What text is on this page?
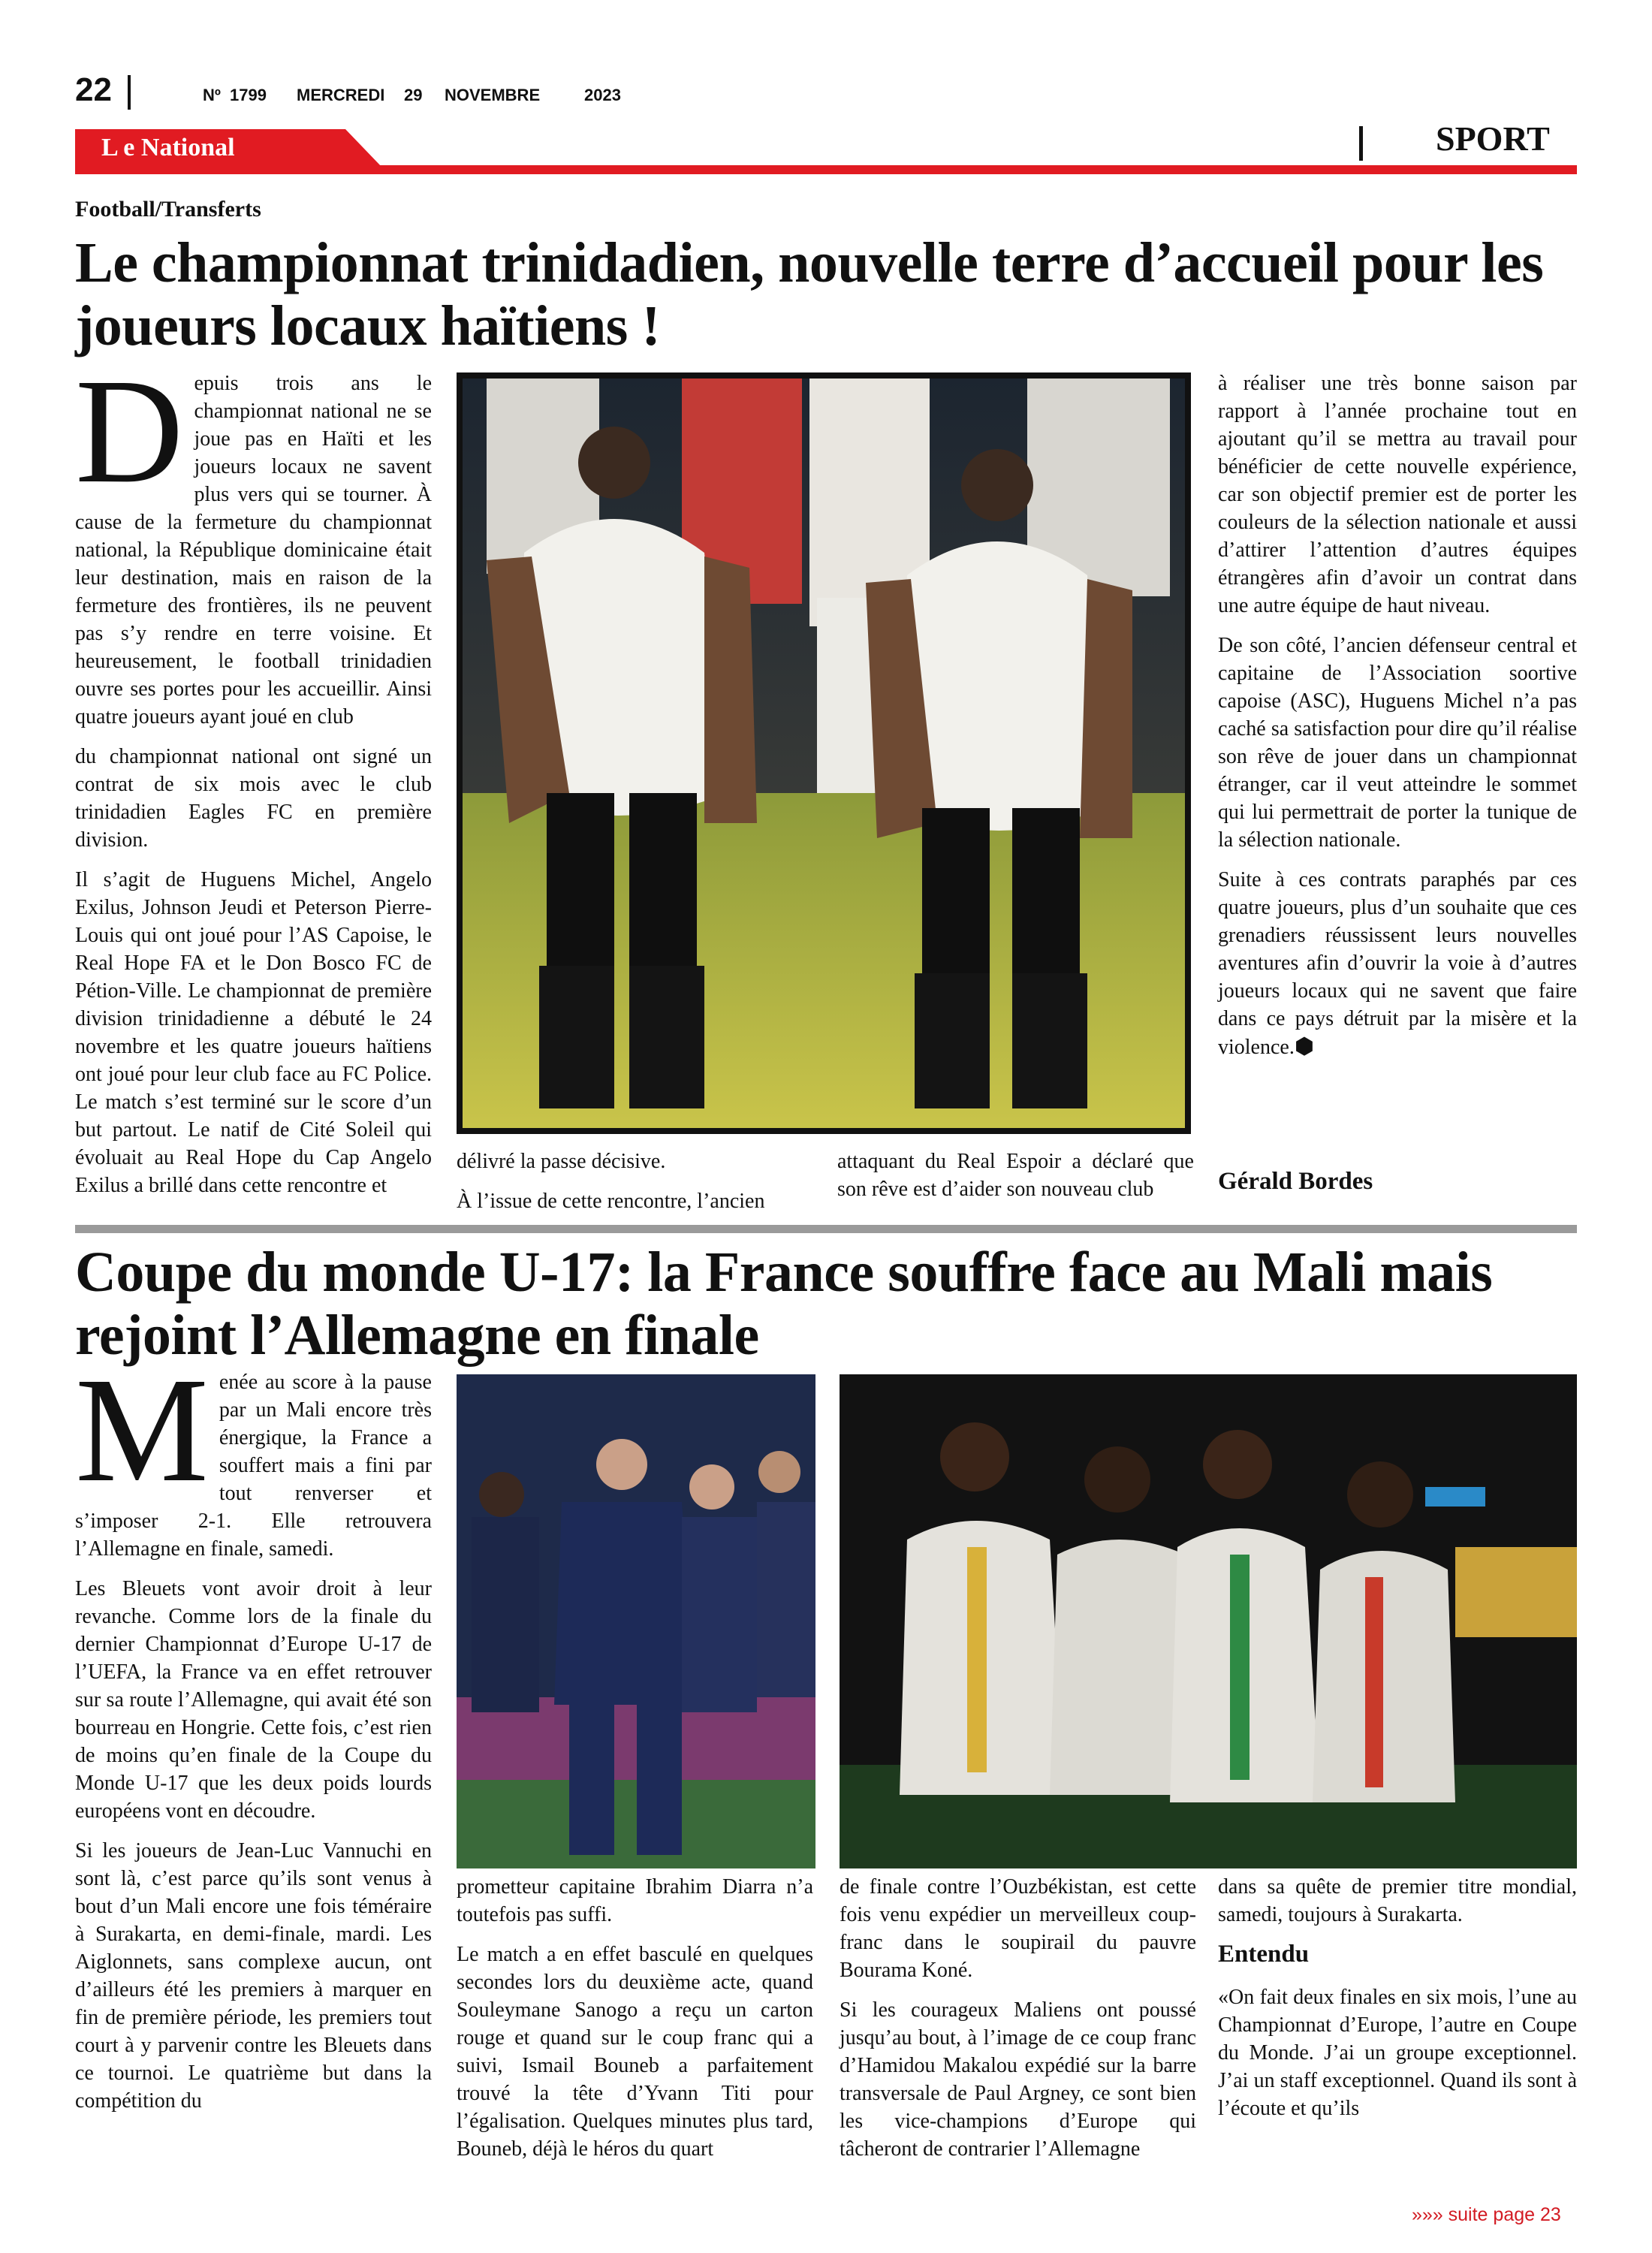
22	Nº 1799 MERCREDI 29 NOVEMBRE	2023
L e National	SPORT
Football/Transferts
Le championnat trinidadien, nouvelle terre d’accueil pour les joueurs locaux haïtiens !

Depuis trois ans le championnat national ne se joue pas en Haïti et les joueurs locaux ne savent plus vers qui se tourner. À cause de la fermeture du championnat national, la République dominicaine était leur destination, mais en raison de la fermeture des frontières, ils ne peuvent pas s’y rendre en terre voisine. Et heureusement, le football trinidadien ouvre ses portes pour les accueillir. Ainsi quatre joueurs ayant joué en club

du championnat national ont signé un contrat de six mois avec le club trinidadien Eagles FC en première division.

Il s’agit de Huguens Michel, Angelo Exilus, Johnson Jeudi et Peterson Pierre-Louis qui ont joué pour l’AS Capoise, le Real Hope FA et le Don Bosco FC de Pétion-Ville. Le championnat de première division trinidadienne a débuté le 24 novembre et les quatre joueurs haïtiens ont joué pour leur club face au FC Police. Le match s’est terminé sur le score d’un but partout. Le natif de Cité Soleil qui évoluait au Real Hope du Cap Angelo Exilus a brillé dans cette rencontre et

délivré la passe décisive.

À l’issue de cette rencontre, l’ancien

attaquant du Real Espoir a déclaré que son rêve est d’aider son nouveau club

à réaliser une très bonne saison par rapport à l’année prochaine tout en ajoutant qu’il se mettra au travail pour bénéficier de cette nouvelle expérience, car son objectif premier est de porter les couleurs de la sélection nationale et aussi d’attirer l’attention d’autres équipes étrangères afin d’avoir un contrat dans une autre équipe de haut niveau.

De son côté, l’ancien défenseur central et capitaine de l’Association soortive capoise (ASC), Huguens Michel n’a pas caché sa satisfaction pour dire qu’il réalise son rêve de jouer dans un championnat étranger, car il veut atteindre le sommet qui lui permettrait de porter la tunique de la sélection nationale.

Suite à ces contrats paraphés par ces quatre joueurs, plus d’un souhaite que ces grenadiers réussissent leurs nouvelles aventures afin d’ouvrir la voie à d’autres joueurs locaux qui ne savent que faire dans ce pays détruit par la misère et la violence.⬢

Gérald Bordes
Coupe du monde U-17: la France souffre face au Mali mais rejoint l’Allemagne en finale

Menée au score à la pause par un Mali encore très énergique, la France a souffert mais a fini par tout renverser et s’imposer 2-1. Elle retrouvera l’Allemagne en finale, samedi.

Les Bleuets vont avoir droit à leur revanche. Comme lors de la finale du dernier Championnat d’Europe U-17 de l’UEFA, la France va en effet retrouver sur sa route l’Allemagne, qui avait été son bourreau en Hongrie. Cette fois, c’est rien de moins qu’en finale de la Coupe du Monde U-17 que les deux poids lourds européens vont en découdre.

Si les joueurs de Jean-Luc Vannuchi en sont là, c’est parce qu’ils sont venus à bout d’un Mali encore une fois téméraire à Surakarta, en demi-finale, mardi. Les Aiglonnets, sans complexe aucun, ont d’ailleurs été les premiers à marquer en fin de première période, les premiers tout court à y parvenir contre les Bleuets dans ce tournoi. Le quatrième but dans la compétition du

prometteur capitaine Ibrahim Diarra n’a toutefois pas suffi.

Le match a en effet basculé en quelques secondes lors du deuxième acte, quand Souleymane Sanogo a reçu un carton rouge et quand sur le coup franc qui a suivi, Ismail Bouneb a parfaitement trouvé la tête d’Yvann Titi pour l’égalisation. Quelques minutes plus tard, Bouneb, déjà le héros du quart

de finale contre l’Ouzbékistan, est cette fois venu expédier un merveilleux coup-franc dans le soupirail du pauvre Bourama Koné.

Si les courageux Maliens ont poussé jusqu’au bout, à l’image de ce coup franc d’Hamidou Makalou expédié sur la barre transversale de Paul Argney, ce sont bien les vice-champions d’Europe qui tâcheront de contrarier l’Allemagne

dans sa quête de premier titre mondial, samedi, toujours à Surakarta.

Entendu

«On fait deux finales en six mois, l’une au Championnat d’Europe, l’autre en Coupe du Monde. J’ai un groupe exceptionnel. J’ai un staff exceptionnel. Quand ils sont à l’écoute et qu’ils

»»» suite page 23
